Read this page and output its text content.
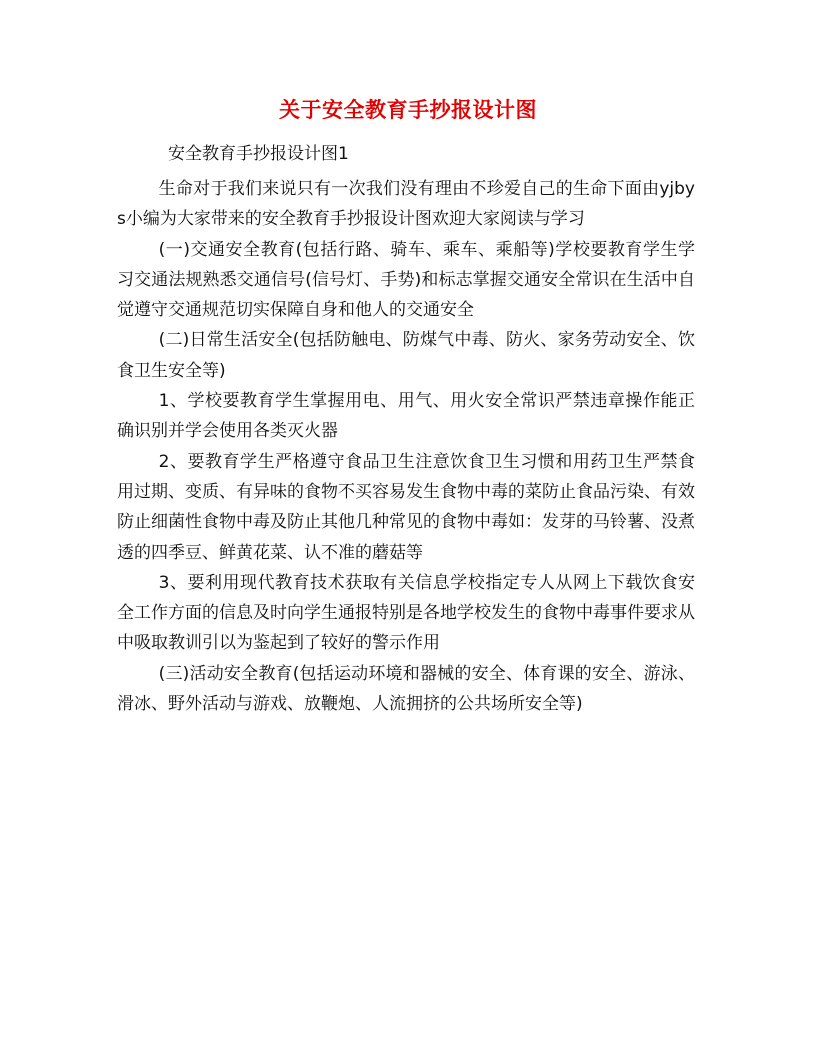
关于安全教育手抄报设计图
安全教育手抄报设计图1

生命对于我们来说只有一次我们没有理由不珍爱自己的生命下面由yjbys小编为大家带来的安全教育手抄报设计图欢迎大家阅读与学习

(一)交通安全教育(包括行路、骑车、乘车、乘船等)学校要教育学生学习交通法规熟悉交通信号(信号灯、手势)和标志掌握交通安全常识在生活中自觉遵守交通规范切实保障自身和他人的交通安全

(二)日常生活安全(包括防触电、防煤气中毒、防火、家务劳动安全、饮食卫生安全等)

1、学校要教育学生掌握用电、用气、用火安全常识严禁违章操作能正确识别并学会使用各类灭火器

2、要教育学生严格遵守食品卫生注意饮食卫生习惯和用药卫生严禁食用过期、变质、有异味的食物不买容易发生食物中毒的菜防止食品污染、有效防止细菌性食物中毒及防止其他几种常见的食物中毒如：发芽的马铃薯、没煮透的四季豆、鲜黄花菜、认不准的蘑菇等

3、要利用现代教育技术获取有关信息学校指定专人从网上下载饮食安全工作方面的信息及时向学生通报特别是各地学校发生的食物中毒事件要求从中吸取教训引以为鉴起到了较好的警示作用

(三)活动安全教育(包括运动环境和器械的安全、体育课的安全、游泳、滑冰、野外活动与游戏、放鞭炮、人流拥挤的公共场所安全等)
